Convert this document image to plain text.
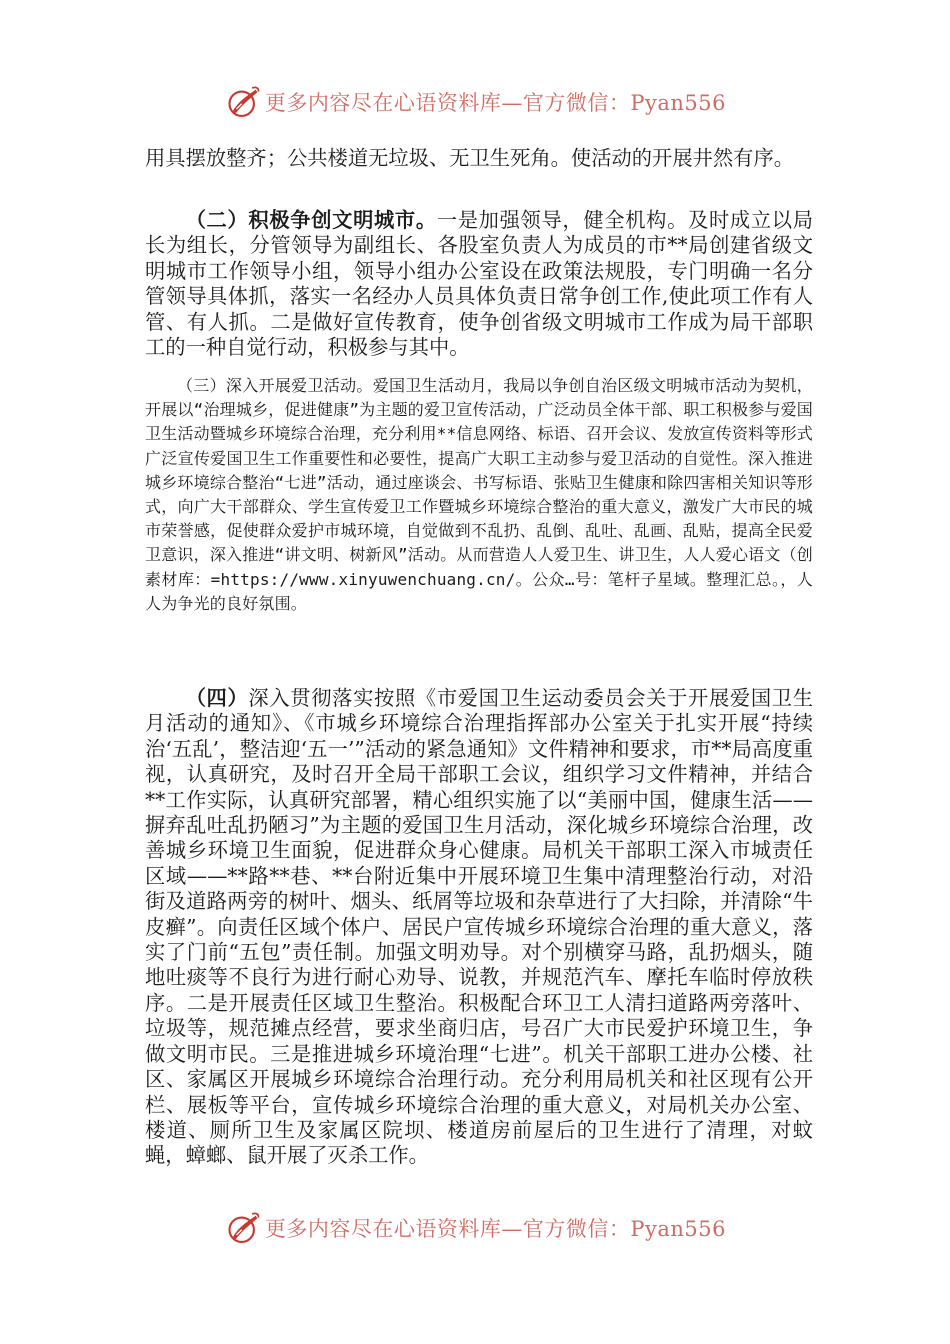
更多内容尽在心语资料库—官方微信：Pyan556

用具摆放整齐；公共楼道无垃圾、无卫生死角。使活动的开展井然有序。

（二）积极争创文明城市。一是加强领导，健全机构。及时成立以局长为组长，分管领导为副组长、各股室负责人为成员的市**局创建省级文明城市工作领导小组，领导小组办公室设在政策法规股，专门明确一名分管领导具体抓，落实一名经办人员具体负责日常争创工作,使此项工作有人管、有人抓。二是做好宣传教育，使争创省级文明城市工作成为局干部职工的一种自觉行动，积极参与其中。

（三）深入开展爱卫活动。爱国卫生活动月，我局以争创自治区级文明城市活动为契机，开展以“治理城乡，促进健康”为主题的爱卫宣传活动，广泛动员全体干部、职工积极参与爱国卫生活动暨城乡环境综合治理，充分利用**信息网络、标语、召开会议、发放宣传资料等形式广泛宣传爱国卫生工作重要性和必要性，提高广大职工主动参与爱卫活动的自觉性。深入推进城乡环境综合整治“七进”活动，通过座谈会、书写标语、张贴卫生健康和除四害相关知识等形式，向广大干部群众、学生宣传爱卫工作暨城乡环境综合整治的重大意义，激发广大市民的城市荣誉感，促使群众爱护市城环境，自觉做到不乱扔、乱倒、乱吐、乱画、乱贴，提高全民爱卫意识，深入推进“讲文明、树新风”活动。从而营造人人爱卫生、讲卫生，人人爱心语文（创素材库：=https://www.xinyuwenchuang.cn/。公众…号：笔杆子星域。整理汇总。，人人为争光的良好氛围。

（四）深入贯彻落实按照《市爱国卫生运动委员会关于开展爱国卫生月活动的通知》、《市城乡环境综合治理指挥部办公室关于扎实开展“持续治‘五乱’，整洁迎‘五一’”活动的紧急通知》文件精神和要求，市**局高度重视，认真研究，及时召开全局干部职工会议，组织学习文件精神，并结合**工作实际，认真研究部署，精心组织实施了以“美丽中国，健康生活——摒弃乱吐乱扔陋习”为主题的爱国卫生月活动，深化城乡环境综合治理，改善城乡环境卫生面貌，促进群众身心健康。局机关干部职工深入市城责任区域——**路**巷、**台附近集中开展环境卫生集中清理整治行动，对沿街及道路两旁的树叶、烟头、纸屑等垃圾和杂草进行了大扫除，并清除“牛皮癣”。向责任区域个体户、居民户宣传城乡环境综合治理的重大意义，落实了门前“五包”责任制。加强文明劝导。对个别横穿马路，乱扔烟头，随地吐痰等不良行为进行耐心劝导、说教，并规范汽车、摩托车临时停放秩序。二是开展责任区域卫生整治。积极配合环卫工人清扫道路两旁落叶、垃圾等，规范摊点经营，要求坐商归店，号召广大市民爱护环境卫生，争做文明市民。三是推进城乡环境治理“七进”。机关干部职工进办公楼、社区、家属区开展城乡环境综合治理行动。充分利用局机关和社区现有公开栏、展板等平台，宣传城乡环境综合治理的重大意义，对局机关办公室、楼道、厕所卫生及家属区院坝、楼道房前屋后的卫生进行了清理，对蚊蝇，蟑螂、鼠开展了灭杀工作。

更多内容尽在心语资料库—官方微信：Pyan556
